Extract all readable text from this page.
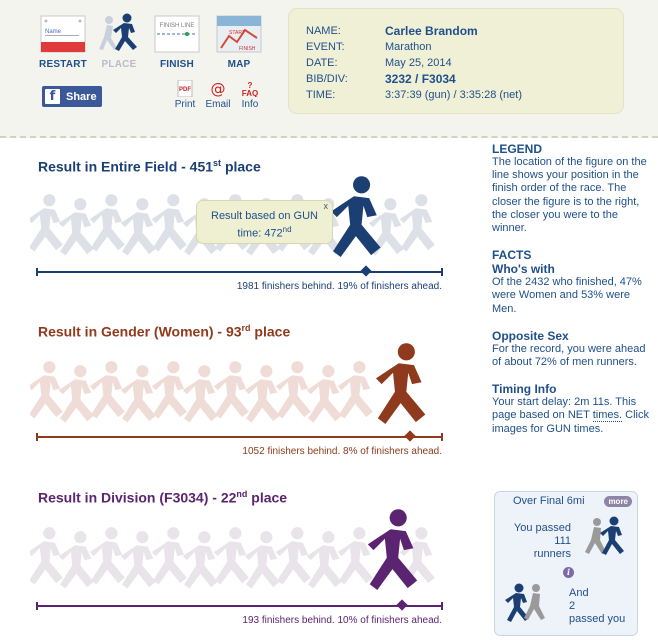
Name
RESTART	PLACE
FINISH LINE
FINISH
START
FINISH
MAP
f Share
PDF
Print
@
Email
?
FAQ
Info
NAME:	Carlee Brandom
EVENT:	Marathon
DATE:	May 25, 2014
BIB/DIV:	3232 / F3034
TIME:	3:37:39 (gun) / 3:35:28 (net)
Result in Entire Field - 451st place
1981 finishers behind. 19% of finishers ahead.
x
Result based on GUN
time: 472nd
Result in Gender (Women) - 93rd place
1052 finishers behind. 8% of finishers ahead.
Result in Division (F3034) - 22nd place
193 finishers behind. 10% of finishers ahead.
LEGEND

The location of the figure on the line shows your position in the finish order of the race. The closer the figure is to the right, the closer you were to the winner.

FACTS
Who's with

Of the 2432 who finished, 47% were Women and 53% were Men.

Opposite Sex

For the record, you were ahead of about 72% of men runners.

Timing Info

Your start delay: 2m 11s. This page based on NET times. Click images for GUN times.

Over Final 6mi	more
You passed
111
runners
i
And
2
passed you
